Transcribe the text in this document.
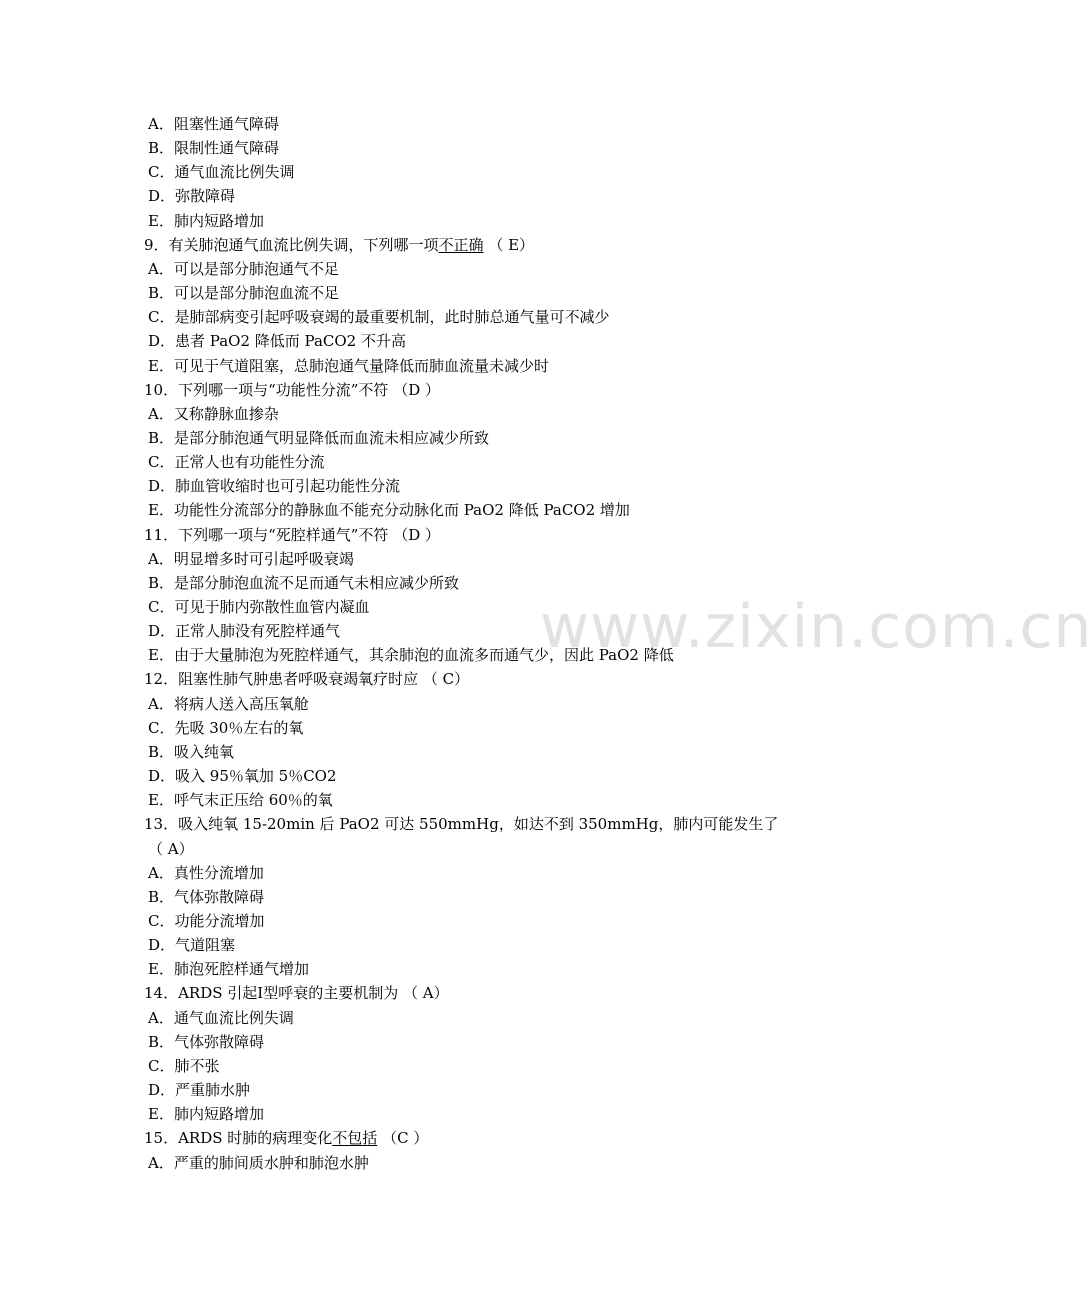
www.zixin.com.cn
A．阻塞性通气障碍
B．限制性通气障碍
C．通气血流比例失调
D．弥散障碍
E．肺内短路增加
9．有关肺泡通气血流比例失调，下列哪一项不正确 （ E）
A．可以是部分肺泡通气不足
B．可以是部分肺泡血流不足
C．是肺部病变引起呼吸衰竭的最重要机制，此时肺总通气量可不减少
D．患者 PaO2 降低而 PaCO2 不升高
E．可见于气道阻塞，总肺泡通气量降低而肺血流量未减少时
10．下列哪一项与“功能性分流”不符 （D ）
A．又称静脉血掺杂
B．是部分肺泡通气明显降低而血流未相应减少所致
C．正常人也有功能性分流
D．肺血管收缩时也可引起功能性分流
E．功能性分流部分的静脉血不能充分动脉化而 PaO2 降低 PaCO2 增加
11．下列哪一项与“死腔样通气”不符 （D ）
A．明显增多时可引起呼吸衰竭
B．是部分肺泡血流不足而通气未相应减少所致
C．可见于肺内弥散性血管内凝血
D．正常人肺没有死腔样通气
E．由于大量肺泡为死腔样通气，其余肺泡的血流多而通气少，因此 PaO2 降低
12．阻塞性肺气肿患者呼吸衰竭氧疗时应 （ C）
A．将病人送入高压氧舱
C．先吸 30％左右的氧
B．吸入纯氧
D．吸入 95％氧加 5％CO2
E．呼气末正压给 60％的氧
13．吸入纯氧 15-20min 后 PaO2 可达 550mmHg，如达不到 350mmHg，肺内可能发生了
（ A）
A．真性分流增加
B．气体弥散障碍
C．功能分流增加
D．气道阻塞
E．肺泡死腔样通气增加
14．ARDS 引起Ⅰ型呼衰的主要机制为 （ A）
A．通气血流比例失调
B．气体弥散障碍
C．肺不张
D．严重肺水肿
E．肺内短路增加
15．ARDS 时肺的病理变化不包括 （C ）
A．严重的肺间质水肿和肺泡水肿
